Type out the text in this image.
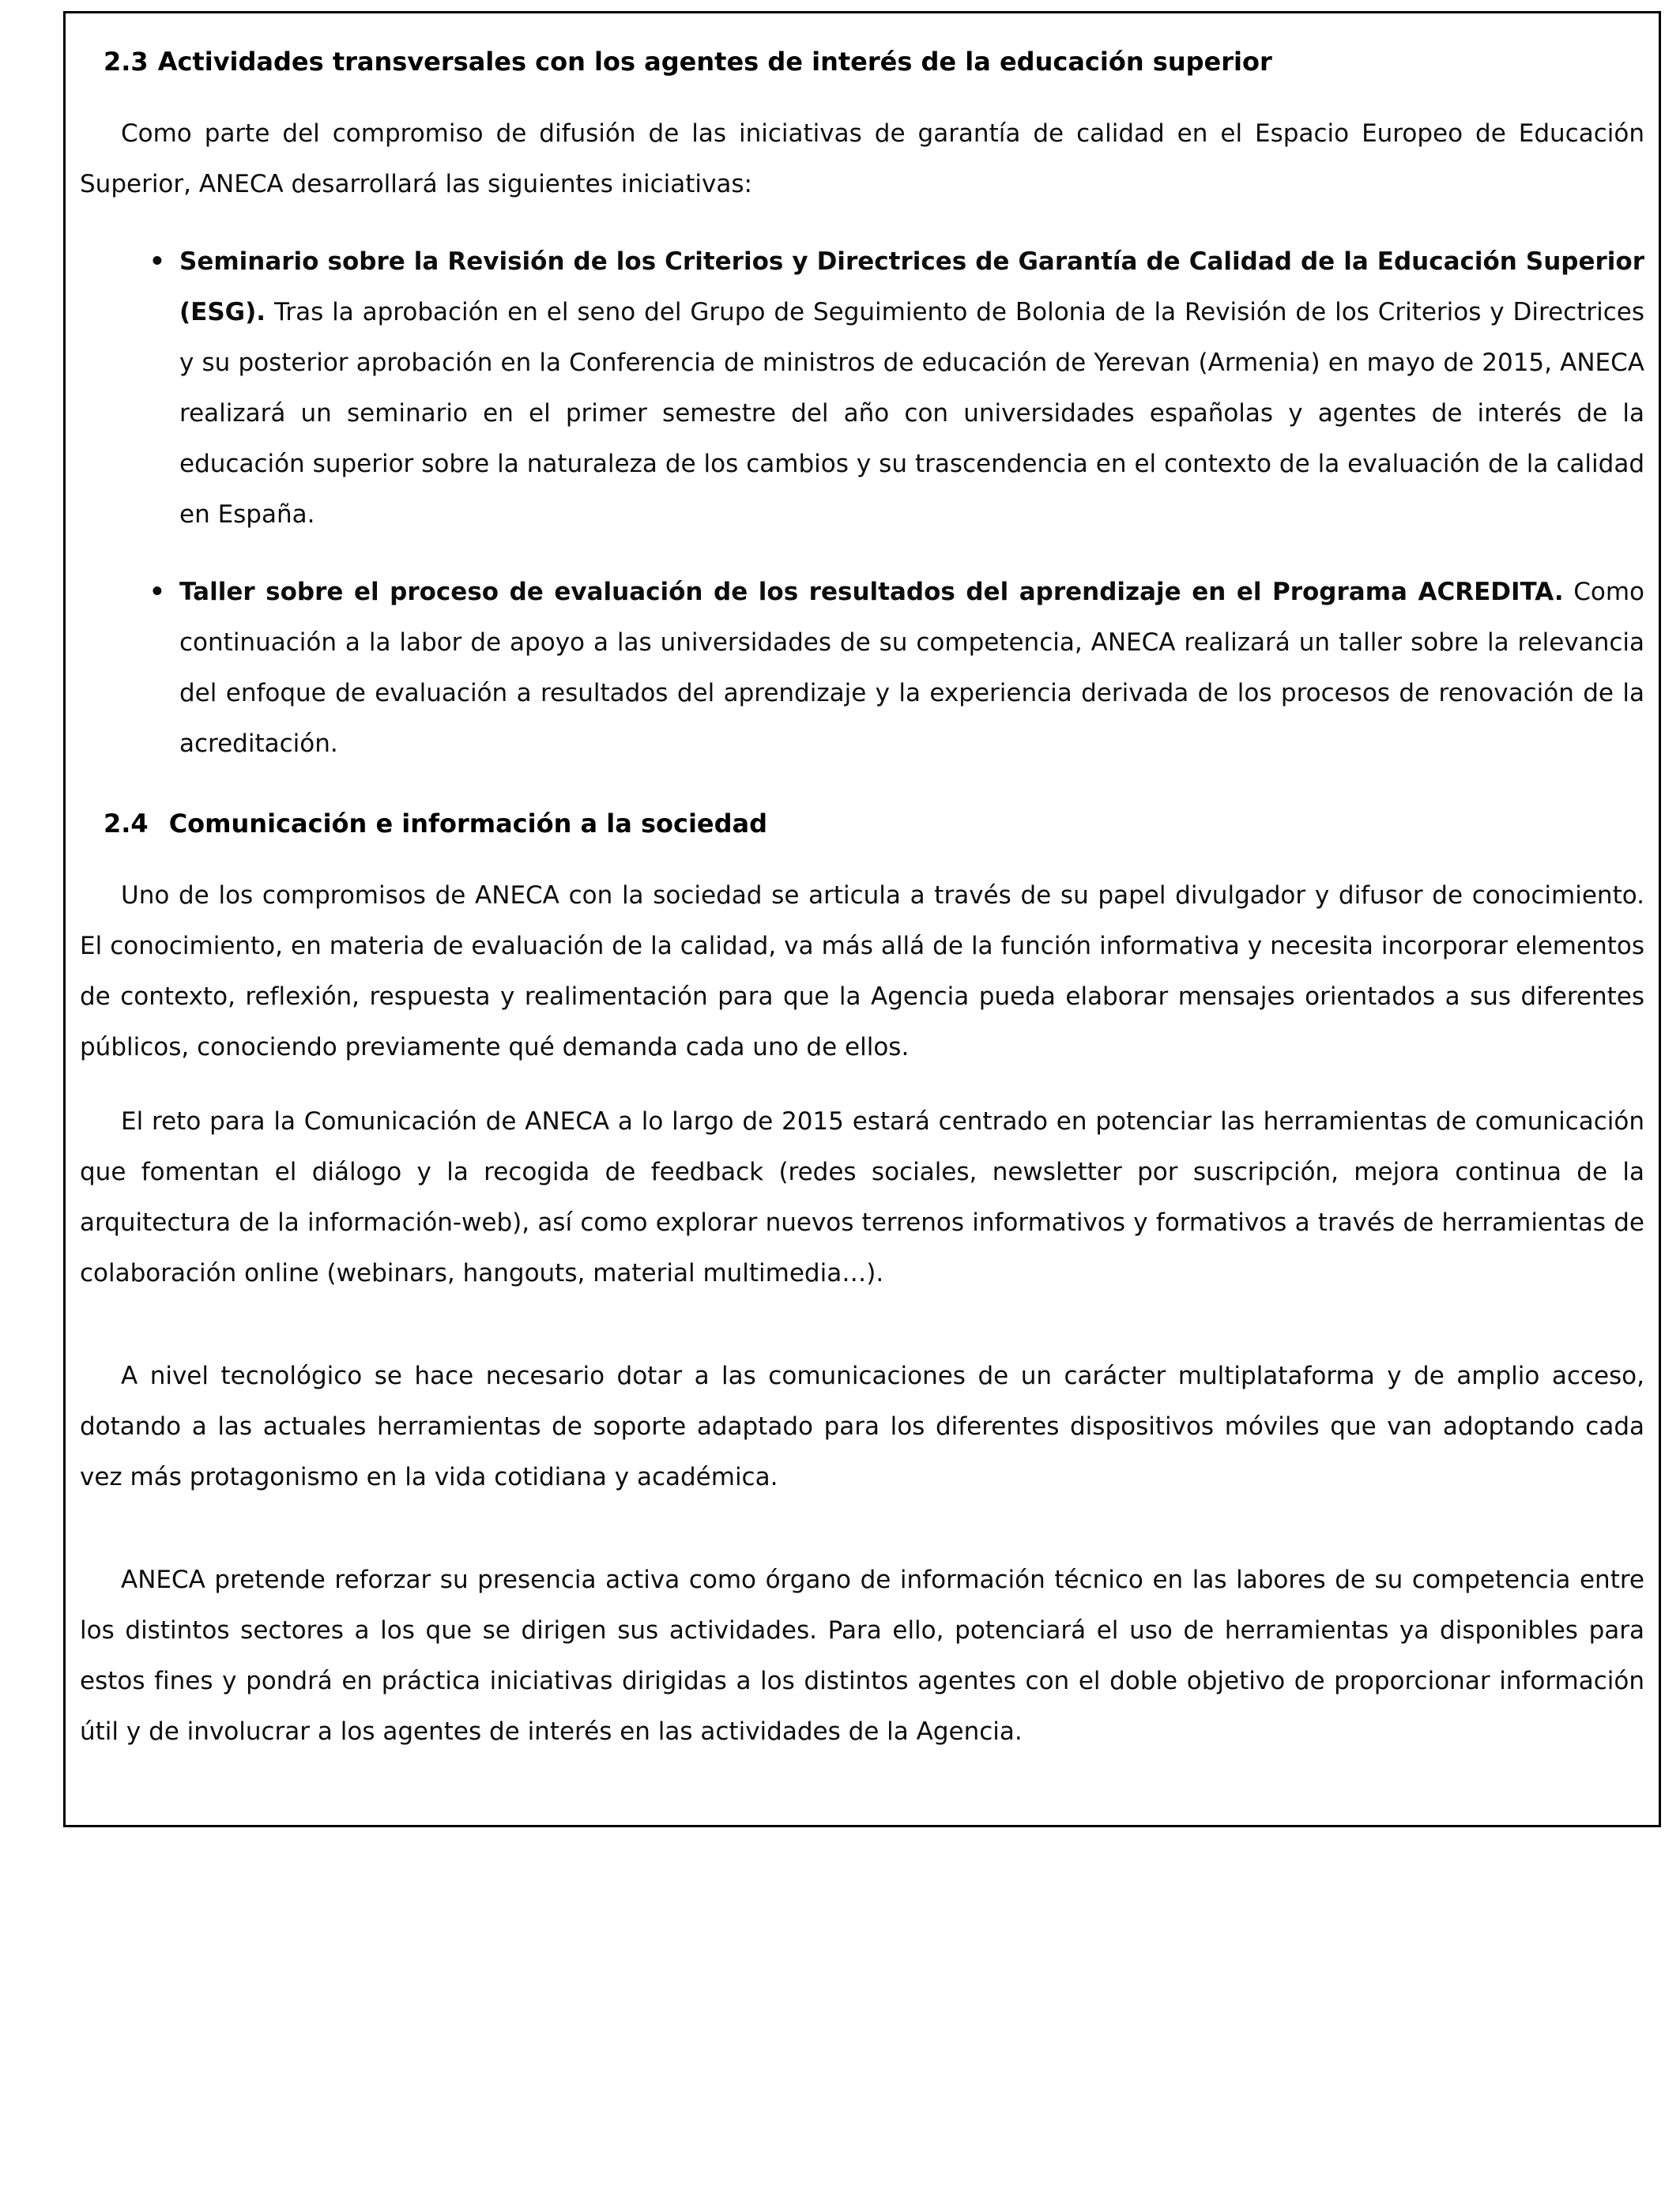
2.3 Actividades transversales con los agentes de interés de la educación superior

Como parte del compromiso de difusión de las iniciativas de garantía de calidad en el Espacio Europeo de Educación Superior, ANECA desarrollará las siguientes iniciativas:

• Seminario sobre la Revisión de los Criterios y Directrices de Garantía de Calidad de la Educación Superior (ESG). Tras la aprobación en el seno del Grupo de Seguimiento de Bolonia de la Revisión de los Criterios y Directrices y su posterior aprobación en la Conferencia de ministros de educación de Yerevan (Armenia) en mayo de 2015, ANECA realizará un seminario en el primer semestre del año con universidades españolas y agentes de interés de la educación superior sobre la naturaleza de los cambios y su trascendencia en el contexto de la evaluación de la calidad en España.
• Taller sobre el proceso de evaluación de los resultados del aprendizaje en el Programa ACREDITA. Como continuación a la labor de apoyo a las universidades de su competencia, ANECA realizará un taller sobre la relevancia del enfoque de evaluación a resultados del aprendizaje y la experiencia derivada de los procesos de renovación de la acreditación.
2.4 Comunicación e información a la sociedad

Uno de los compromisos de ANECA con la sociedad se articula a través de su papel divulgador y difusor de conocimiento. El conocimiento, en materia de evaluación de la calidad, va más allá de la función informativa y necesita incorporar elementos de contexto, reflexión, respuesta y realimentación para que la Agencia pueda elaborar mensajes orientados a sus diferentes públicos, conociendo previamente qué demanda cada uno de ellos.

El reto para la Comunicación de ANECA a lo largo de 2015 estará centrado en potenciar las herramientas de comunicación que fomentan el diálogo y la recogida de feedback (redes sociales, newsletter por suscripción, mejora continua de la arquitectura de la información-web), así como explorar nuevos terrenos informativos y formativos a través de herramientas de colaboración online (webinars, hangouts, material multimedia…).

A nivel tecnológico se hace necesario dotar a las comunicaciones de un carácter multiplataforma y de amplio acceso, dotando a las actuales herramientas de soporte adaptado para los diferentes dispositivos móviles que van adoptando cada vez más protagonismo en la vida cotidiana y académica.

ANECA pretende reforzar su presencia activa como órgano de información técnico en las labores de su competencia entre los distintos sectores a los que se dirigen sus actividades. Para ello, potenciará el uso de herramientas ya disponibles para estos fines y pondrá en práctica iniciativas dirigidas a los distintos agentes con el doble objetivo de proporcionar información útil y de involucrar a los agentes de interés en las actividades de la Agencia.
